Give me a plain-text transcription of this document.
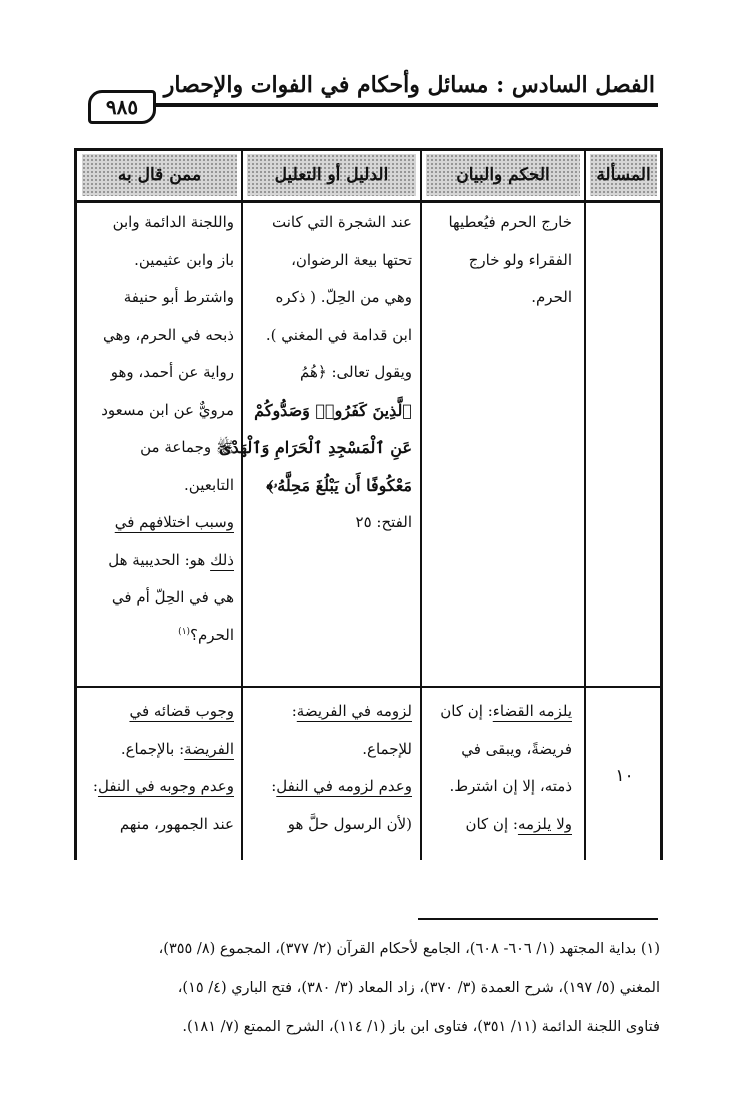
الفصل السادس : مسائل وأحكام في الفوات والإحصار
٩٨٥
المسألة
الحكم والبيان
الدليل أو التعليل
ممن قال به
خارج الحرم فيُعطيها
الفقراء ولو خارج
الحرم.
عند الشجرة التي كانت
تحتها بيعة الرضوان،
وهي من الحِلّ. ( ذكره
ابن قدامة في المغني ).
ويقول تعالى: ﴿هُمُ
ٱلَّذِينَ كَفَرُوا۟ وَصَدُّوكُمْ
عَنِ ٱلْمَسْجِدِ ٱلْحَرَامِ وَٱلْهَدْىَ
مَعْكُوفًا أَن يَبْلُغَ مَحِلَّهُۥ﴾
الفتح: ٢٥
واللجنة الدائمة وابن
باز وابن عثيمين.
واشترط أبو حنيفة
ذبحه في الحرم، وهي
رواية عن أحمد، وهو
مرويٌّ عن ابن مسعود
ﷺ وجماعة من
التابعين.
وسبب اختلافهم في
ذلك هو: الحديبية هل
هي في الحِلّ أم في
الحرم؟$^{(١)}$
١٠
يلزمه القضاء: إن كان
فريضةً، ويبقى في
ذمته، إلا إن اشترط.
ولا يلزمه: إن كان
لزومه في الفريضة:
للإجماع.
وعدم لزومه في النفل:
(لأن الرسول حلَّ هو
وجوب قضائه في
الفريضة: بالإجماع.
وعدم وجوبه في النفل:
عند الجمهور، منهم
(١) بداية المجتهد (١/ ٦٠٦- ٦٠٨)، الجامع لأحكام القرآن (٢/ ٣٧٧)، المجموع (٨/ ٣٥٥)،
المغني (٥/ ١٩٧)، شرح العمدة (٣/ ٣٧٠)، زاد المعاد (٣/ ٣٨٠)، فتح الباري (٤/ ١٥)،
فتاوى اللجنة الدائمة (١١/ ٣٥١)، فتاوى ابن باز (١/ ١١٤)، الشرح الممتع (٧/ ١٨١).
